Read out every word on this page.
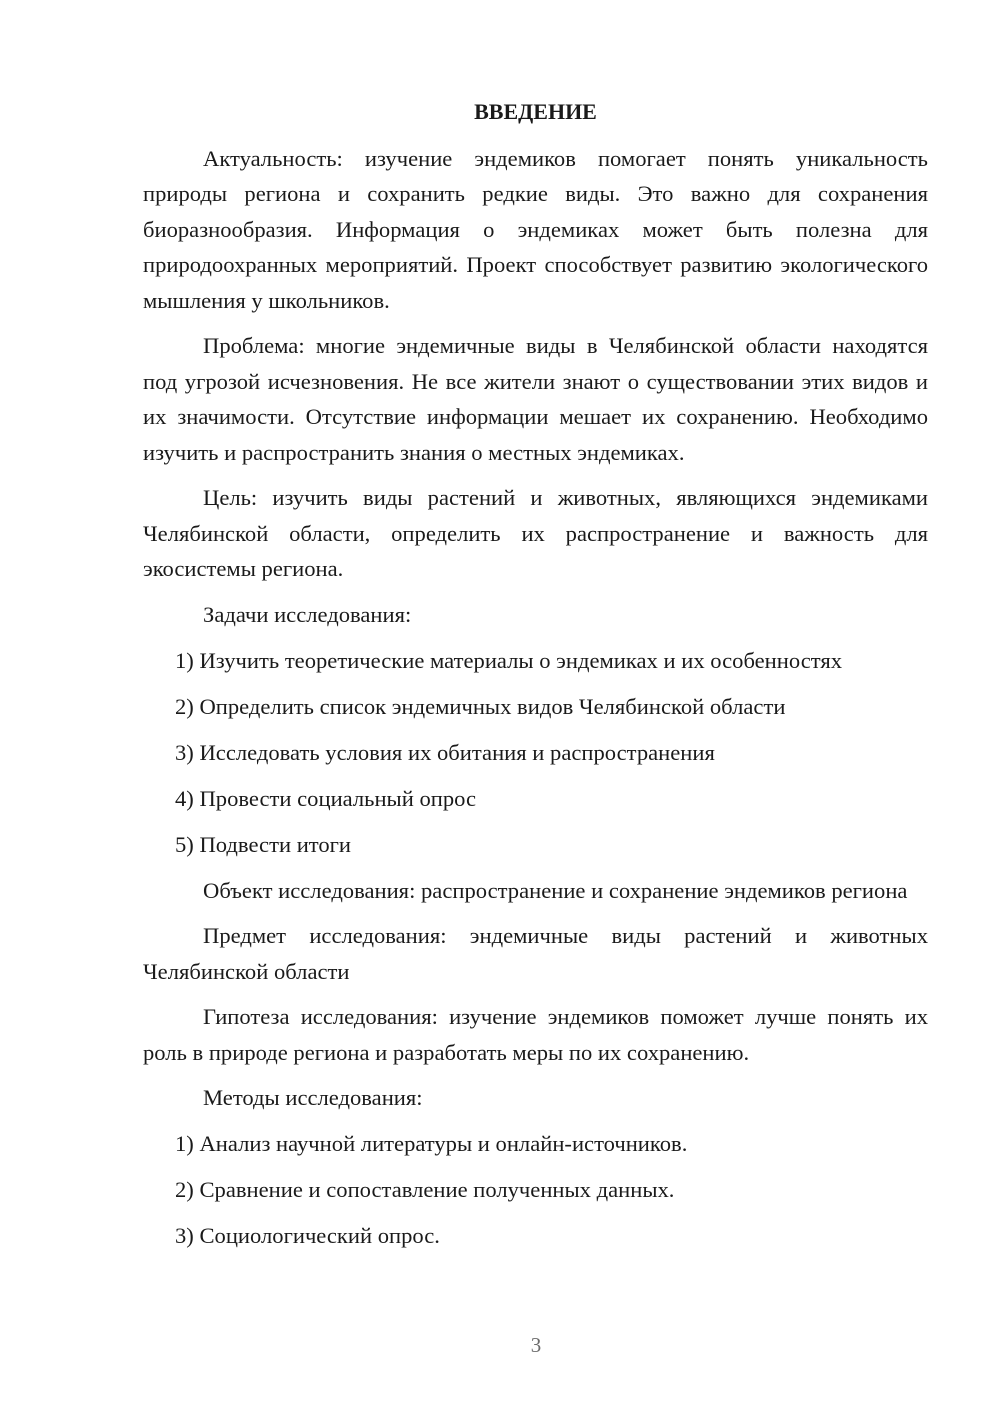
ВВЕДЕНИЕ
Актуальность: изучение эндемиков помогает понять уникальность природы региона и сохранить редкие виды. Это важно для сохранения биоразнообразия. Информация о эндемиках может быть полезна для природоохранных мероприятий. Проект способствует развитию экологического мышления у школьников.
Проблема: многие эндемичные виды в Челябинской области находятся под угрозой исчезновения. Не все жители знают о существовании этих видов и их значимости. Отсутствие информации мешает их сохранению. Необходимо изучить и распространить знания о местных эндемиках.
Цель: изучить виды растений и животных, являющихся эндемиками Челябинской области, определить их распространение и важность для экосистемы региона.
Задачи исследования:
1) Изучить теоретические материалы о эндемиках и их особенностях
2) Определить список эндемичных видов Челябинской области
3) Исследовать условия их обитания и распространения
4) Провести социальный опрос
5) Подвести итоги
Объект исследования: распространение и сохранение эндемиков региона
Предмет исследования: эндемичные виды растений и животных Челябинской области
Гипотеза исследования: изучение эндемиков поможет лучше понять их роль в природе региона и разработать меры по их сохранению.
Методы исследования:
1) Анализ научной литературы и онлайн-источников.
2) Сравнение и сопоставление полученных данных.
3) Социологический опрос.
3
